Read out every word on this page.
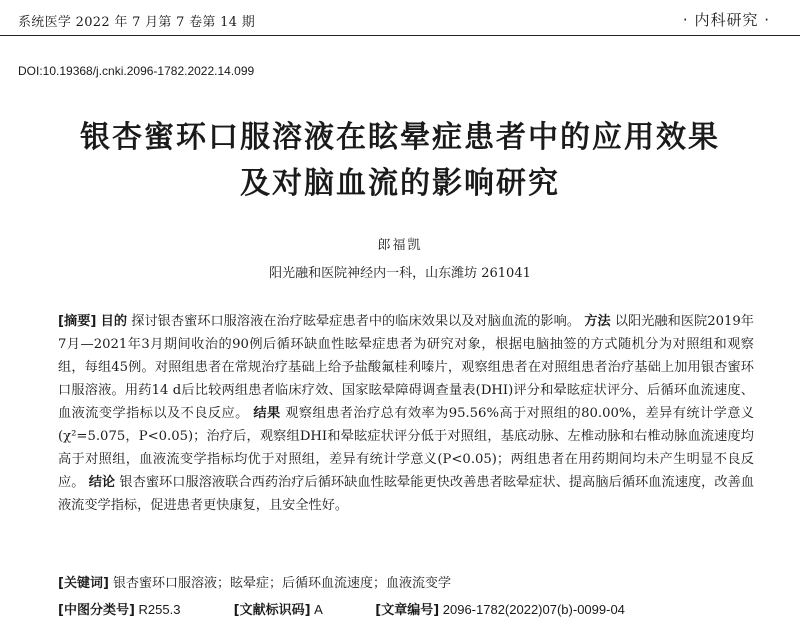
系统医学 2022 年 7 月第 7 卷第 14 期	· 内科研究 ·
DOI:10.19368/j.cnki.2096-1782.2022.14.099
银杏蜜环口服溶液在眩晕症患者中的应用效果
及对脑血流的影响研究
郎福凯
阳光融和医院神经内一科，山东潍坊 261041
[摘要] 目的 探讨银杏蜜环口服溶液在治疗眩晕症患者中的临床效果以及对脑血流的影响。 方法 以阳光融和医院2019年7月—2021年3月期间收治的90例后循环缺血性眩晕症患者为研究对象，根据电脑抽签的方式随机分为对照组和观察组，每组45例。对照组患者在常规治疗基础上给予盐酸氟桂利嗪片，观察组患者在对照组患者治疗基础上加用银杏蜜环口服溶液。用药14 d后比较两组患者临床疗效、国家眩晕障碍调查量表(DHI)评分和晕眩症状评分、后循环血流速度、血液流变学指标以及不良反应。 结果 观察组患者治疗总有效率为95.56%高于对照组的80.00%，差异有统计学意义(χ²=5.075，P<0.05)；治疗后，观察组DHI和晕眩症状评分低于对照组，基底动脉、左椎动脉和右椎动脉血流速度均高于对照组，血液流变学指标均优于对照组，差异有统计学意义(P<0.05)；两组患者在用药期间均未产生明显不良反应。 结论 银杏蜜环口服溶液联合西药治疗后循环缺血性眩晕能更快改善患者眩晕症状、提高脑后循环血流速度，改善血液流变学指标，促进患者更快康复，且安全性好。
[关键词] 银杏蜜环口服溶液；眩晕症；后循环血流速度；血液流变学
[中图分类号] R255.3	[文献标识码] A	[文章编号] 2096-1782(2022)07(b)-0099-04
